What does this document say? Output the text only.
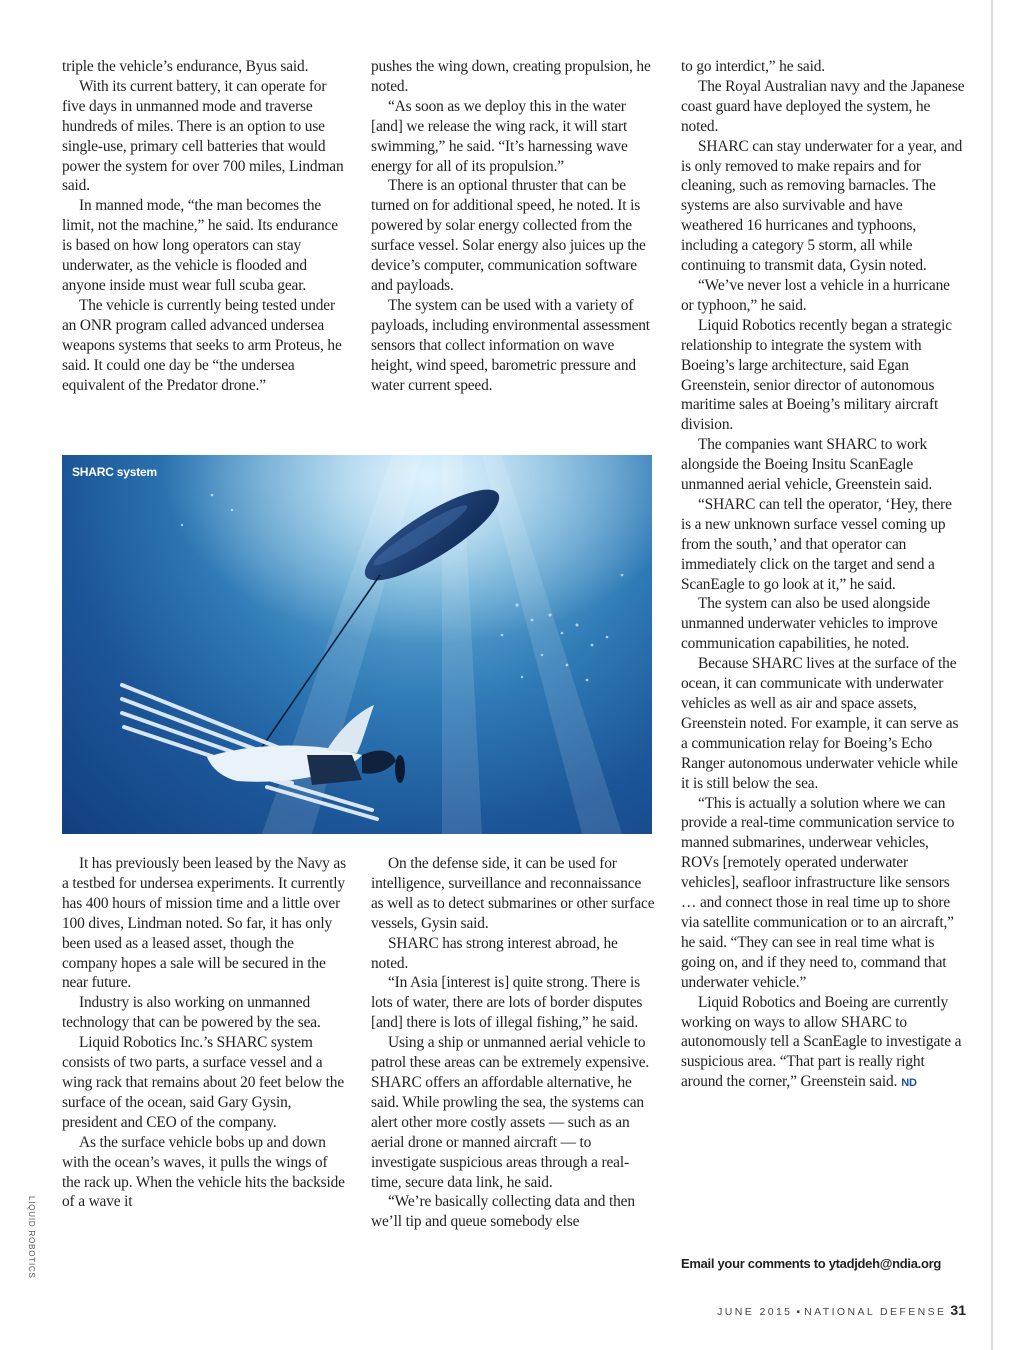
triple the vehicle’s endurance, Byus said.

With its current battery, it can operate for five days in unmanned mode and traverse hundreds of miles. There is an option to use single-use, primary cell batteries that would power the system for over 700 miles, Lindman said.

In manned mode, “the man becomes the limit, not the machine,” he said. Its endurance is based on how long operators can stay underwater, as the vehicle is flooded and anyone inside must wear full scuba gear.

The vehicle is currently being tested under an ONR program called advanced undersea weapons systems that seeks to arm Proteus, he said. It could one day be “the undersea equivalent of the Predator drone.”

pushes the wing down, creating propulsion, he noted.

“As soon as we deploy this in the water [and] we release the wing rack, it will start swimming,” he said. “It’s harnessing wave energy for all of its propulsion.”

There is an optional thruster that can be turned on for additional speed, he noted. It is powered by solar energy collected from the surface vessel. Solar energy also juices up the device’s computer, communication software and payloads.

The system can be used with a variety of payloads, including environmental assessment sensors that collect information on wave height, wind speed, barometric pressure and water current speed.

SHARC system
LIQUID ROBOTICS

It has previously been leased by the Navy as a testbed for undersea experiments. It currently has 400 hours of mission time and a little over 100 dives, Lindman noted. So far, it has only been used as a leased asset, though the company hopes a sale will be secured in the near future.

Industry is also working on unmanned technology that can be powered by the sea.

Liquid Robotics Inc.’s SHARC system consists of two parts, a surface vessel and a wing rack that remains about 20 feet below the surface of the ocean, said Gary Gysin, president and CEO of the company.

As the surface vehicle bobs up and down with the ocean’s waves, it pulls the wings of the rack up. When the vehicle hits the backside of a wave it

On the defense side, it can be used for intelligence, surveillance and reconnaissance as well as to detect submarines or other surface vessels, Gysin said.

SHARC has strong interest abroad, he noted.

“In Asia [interest is] quite strong. There is lots of water, there are lots of border disputes [and] there is lots of illegal fishing,” he said.

Using a ship or unmanned aerial vehicle to patrol these areas can be extremely expensive. SHARC offers an affordable alternative, he said. While prowling the sea, the systems can alert other more costly assets — such as an aerial drone or manned aircraft — to investigate suspicious areas through a real-time, secure data link, he said.

“We’re basically collecting data and then we’ll tip and queue somebody else

to go interdict,” he said.

The Royal Australian navy and the Japanese coast guard have deployed the system, he noted.

SHARC can stay underwater for a year, and is only removed to make repairs and for cleaning, such as removing barnacles. The systems are also survivable and have weathered 16 hurricanes and typhoons, including a category 5 storm, all while continuing to transmit data, Gysin noted.

“We’ve never lost a vehicle in a hurricane or typhoon,” he said.

Liquid Robotics recently began a strategic relationship to integrate the system with Boeing’s large architecture, said Egan Greenstein, senior director of autonomous maritime sales at Boeing’s military aircraft division.

The companies want SHARC to work alongside the Boeing Insitu ScanEagle unmanned aerial vehicle, Greenstein said.

“SHARC can tell the operator, ‘Hey, there is a new unknown surface vessel coming up from the south,’ and that operator can immediately click on the target and send a ScanEagle to go look at it,” he said.

The system can also be used alongside unmanned underwater vehicles to improve communication capabilities, he noted.

Because SHARC lives at the surface of the ocean, it can communicate with underwater vehicles as well as air and space assets, Greenstein noted. For example, it can serve as a communication relay for Boeing’s Echo Ranger autonomous underwater vehicle while it is still below the sea.

“This is actually a solution where we can provide a real-time communication service to manned submarines, underwear vehicles, ROVs [remotely operated underwater vehicles], seafloor infrastructure like sensors … and connect those in real time up to shore via satellite communication or to an aircraft,” he said. “They can see in real time what is going on, and if they need to, command that underwater vehicle.”

Liquid Robotics and Boeing are currently working on ways to allow SHARC to autonomously tell a ScanEagle to investigate a suspicious area. “That part is really right around the corner,” Greenstein said. ND

Email your comments to ytadjdeh@ndia.org
JUNE 2015 ▪ NATIONAL DEFENSE 31
